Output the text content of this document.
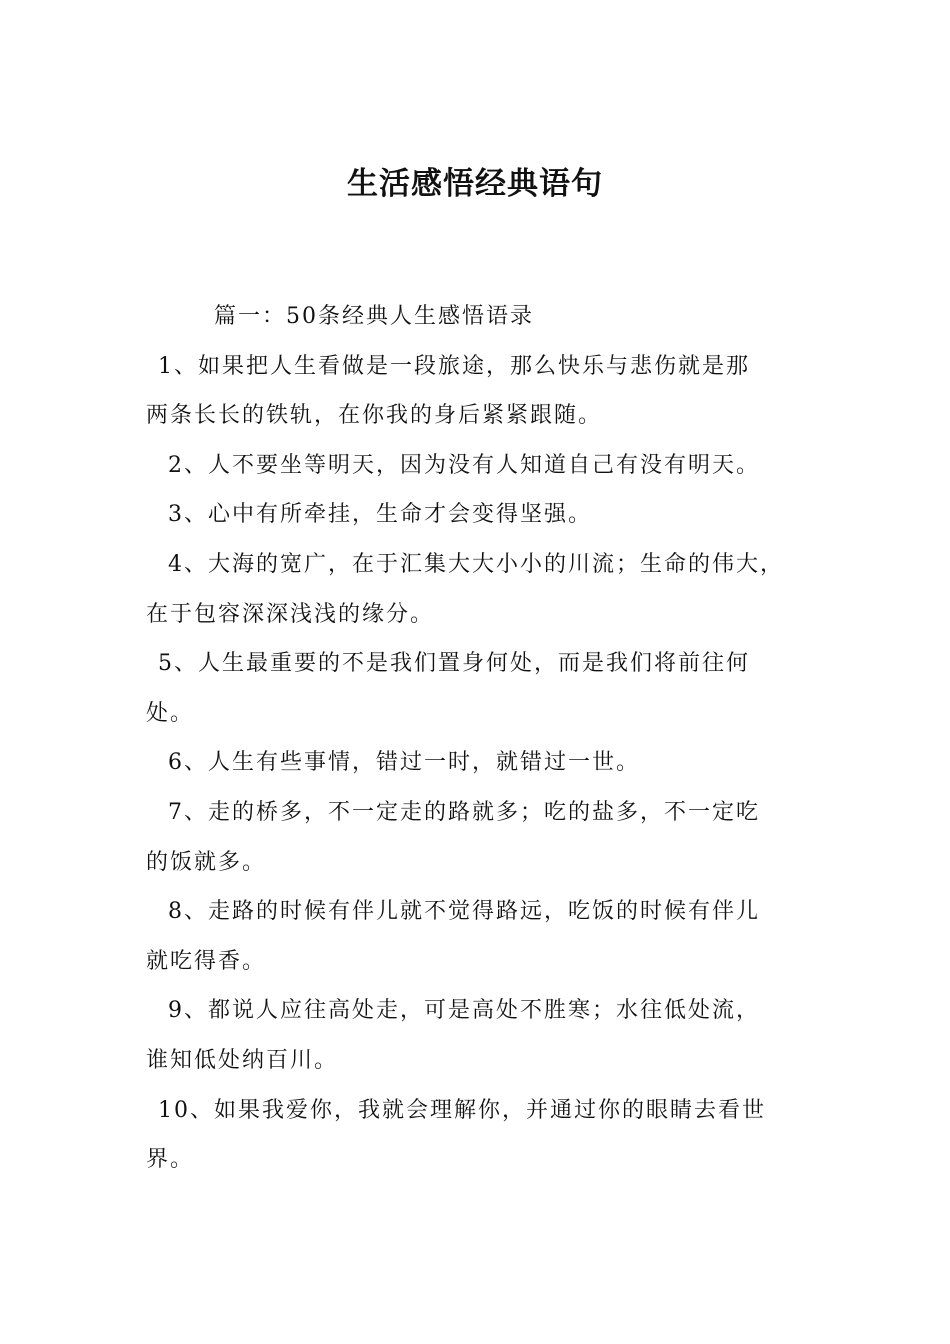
生活感悟经典语句
篇一：50条经典人生感悟语录
1、如果把人生看做是一段旅途，那么快乐与悲伤就是那
两条长长的铁轨，在你我的身后紧紧跟随。
2、人不要坐等明天，因为没有人知道自己有没有明天。
3、心中有所牵挂，生命才会变得坚强。
4、大海的宽广，在于汇集大大小小的川流；生命的伟大，
在于包容深深浅浅的缘分。
5、人生最重要的不是我们置身何处，而是我们将前往何
处。
6、人生有些事情，错过一时，就错过一世。
7、走的桥多，不一定走的路就多；吃的盐多，不一定吃
的饭就多。
8、走路的时候有伴儿就不觉得路远，吃饭的时候有伴儿
就吃得香。
9、都说人应往高处走，可是高处不胜寒；水往低处流，
谁知低处纳百川。
10、如果我爱你，我就会理解你，并通过你的眼睛去看世
界。
